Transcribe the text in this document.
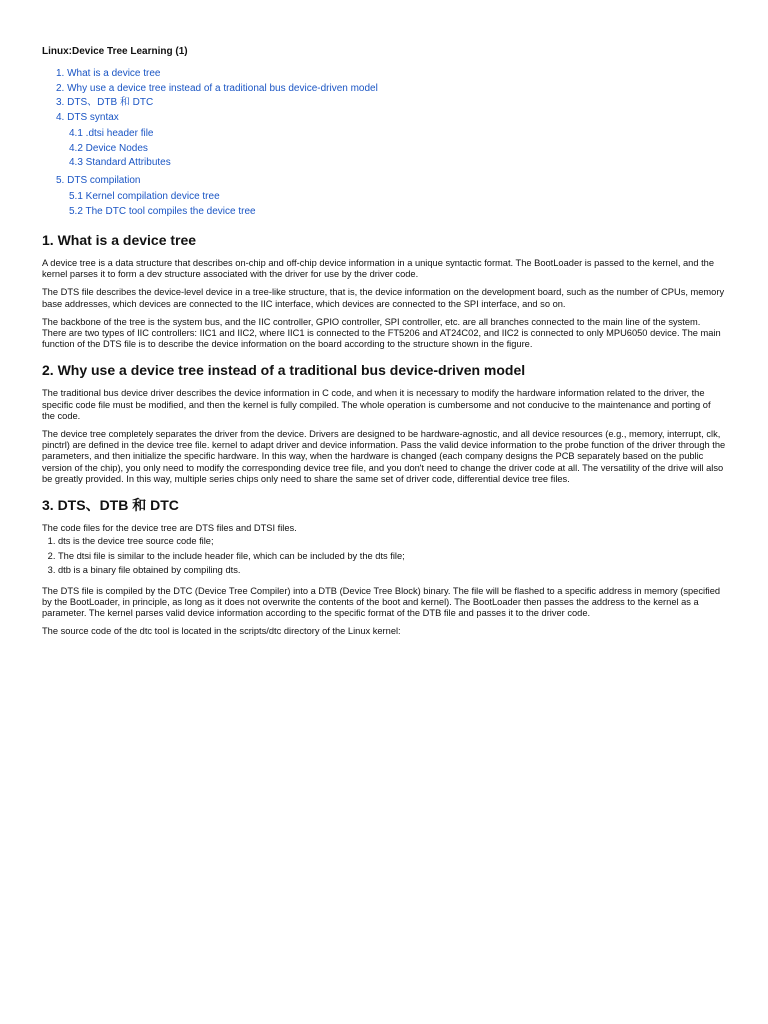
Linux:Device Tree Learning (1)
1. What is a device tree
2. Why use a device tree instead of a traditional bus device-driven model
3. DTS、DTB 和 DTC
4. DTS syntax
4.1 .dtsi header file
4.2 Device Nodes
4.3 Standard Attributes
5. DTS compilation
5.1 Kernel compilation device tree
5.2 The DTC tool compiles the device tree
1. What is a device tree

A device tree is a data structure that describes on-chip and off-chip device information in a unique syntactic format. The BootLoader is passed to the kernel, and the kernel parses it to form a dev structure associated with the driver for use by the driver code.

The DTS file describes the device-level device in a tree-like structure, that is, the device information on the development board, such as the number of CPUs, memory base addresses, which devices are connected to the IIC interface, which devices are connected to the SPI interface, and so on.

The backbone of the tree is the system bus, and the IIC controller, GPIO controller, SPI controller, etc. are all branches connected to the main line of the system. There are two types of IIC controllers: IIC1 and IIC2, where IIC1 is connected to the FT5206 and AT24C02, and IIC2 is connected to only MPU6050 device. The main function of the DTS file is to describe the device information on the board according to the structure shown in the figure.

2. Why use a device tree instead of a traditional bus device-driven model

The traditional bus device driver describes the device information in C code, and when it is necessary to modify the hardware information related to the driver, the specific code file must be modified, and then the kernel is fully compiled. The whole operation is cumbersome and not conducive to the maintenance and porting of the code.

The device tree completely separates the driver from the device. Drivers are designed to be hardware-agnostic, and all device resources (e.g., memory, interrupt, clk, pinctrl) are defined in the device tree file. kernel to adapt driver and device information. Pass the valid device information to the probe function of the driver through the parameters, and then initialize the specific hardware. In this way, when the hardware is changed (each company designs the PCB separately based on the public version of the chip), you only need to modify the corresponding device tree file, and you don't need to change the driver code at all. The versatility of the drive will also be greatly provided. In this way, multiple series chips only need to share the same set of driver code, differential device tree files.

3. DTS、DTB 和 DTC

The code files for the device tree are DTS files and DTSI files.

1. dts is the device tree source code file;
2. The dtsi file is similar to the include header file, which can be included by the dts file;
3. dtb is a binary file obtained by compiling dts.

The DTS file is compiled by the DTC (Device Tree Compiler) into a DTB (Device Tree Block) binary. The file will be flashed to a specific address in memory (specified by the BootLoader, in principle, as long as it does not overwrite the contents of the boot and kernel). The BootLoader then passes the address to the kernel as a parameter. The kernel parses valid device information according to the specific format of the DTB file and passes it to the driver code.

The source code of the dtc tool is located in the scripts/dtc directory of the Linux kernel:
